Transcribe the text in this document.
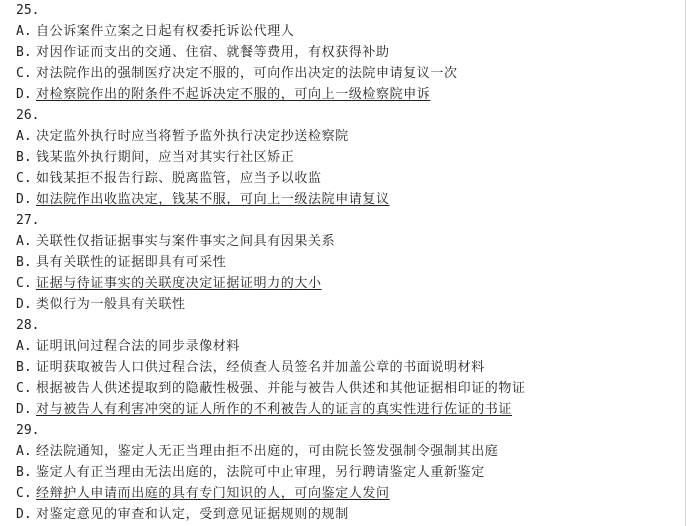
25.
A. 自公诉案件立案之日起有权委托诉讼代理人
B. 对因作证而支出的交通、住宿、就餐等费用，有权获得补助
C. 对法院作出的强制医疗决定不服的，可向作出决定的法院申请复议一次
D. 对检察院作出的附条件不起诉决定不服的，可向上一级检察院申诉
26.
A. 决定监外执行时应当将暂予监外执行决定抄送检察院
B. 钱某监外执行期间，应当对其实行社区矫正
C. 如钱某拒不报告行踪、脱离监管，应当予以收监
D. 如法院作出收监决定，钱某不服，可向上一级法院申请复议
27.
A. 关联性仅指证据事实与案件事实之间具有因果关系
B. 具有关联性的证据即具有可采性
C. 证据与待证事实的关联度决定证据证明力的大小
D. 类似行为一般具有关联性
28.
A. 证明讯问过程合法的同步录像材料
B. 证明获取被告人口供过程合法，经侦查人员签名并加盖公章的书面说明材料
C. 根据被告人供述提取到的隐蔽性极强、并能与被告人供述和其他证据相印证的物证
D. 对与被告人有利害冲突的证人所作的不利被告人的证言的真实性进行佐证的书证
29.
A. 经法院通知，鉴定人无正当理由拒不出庭的，可由院长签发强制令强制其出庭
B. 鉴定人有正当理由无法出庭的，法院可中止审理，另行聘请鉴定人重新鉴定
C. 经辩护人申请而出庭的具有专门知识的人，可向鉴定人发问
D. 对鉴定意见的审查和认定，受到意见证据规则的规制
